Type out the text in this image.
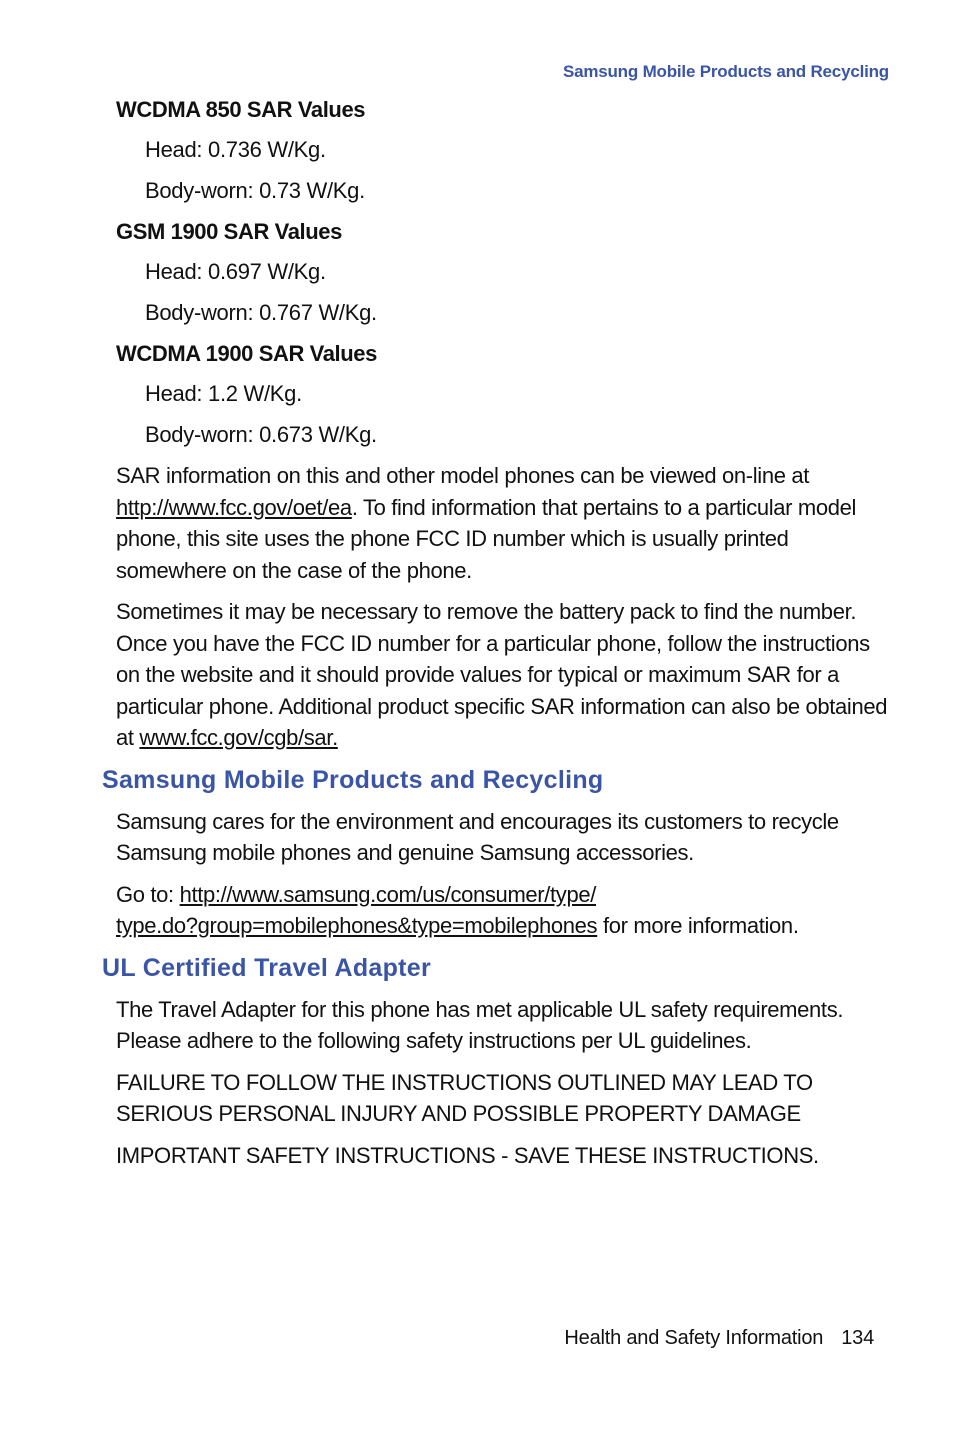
Samsung Mobile Products and Recycling
WCDMA 850 SAR Values
Head: 0.736 W/Kg.
Body-worn: 0.73 W/Kg.
GSM 1900 SAR Values
Head: 0.697 W/Kg.
Body-worn: 0.767 W/Kg.
WCDMA 1900 SAR Values
Head: 1.2 W/Kg.
Body-worn: 0.673 W/Kg.

SAR information on this and other model phones can be viewed on-line at http://www.fcc.gov/oet/ea. To find information that pertains to a particular model phone, this site uses the phone FCC ID number which is usually printed somewhere on the case of the phone.

Sometimes it may be necessary to remove the battery pack to find the number. Once you have the FCC ID number for a particular phone, follow the instructions on the website and it should provide values for typical or maximum SAR for a particular phone. Additional product specific SAR information can also be obtained at www.fcc.gov/cgb/sar.

Samsung Mobile Products and Recycling

Samsung cares for the environment and encourages its customers to recycle Samsung mobile phones and genuine Samsung accessories.

Go to: http://www.samsung.com/us/consumer/type/
type.do?group=mobilephones&type=mobilephones for more information.

UL Certified Travel Adapter

The Travel Adapter for this phone has met applicable UL safety requirements. Please adhere to the following safety instructions per UL guidelines.

FAILURE TO FOLLOW THE INSTRUCTIONS OUTLINED MAY LEAD TO SERIOUS PERSONAL INJURY AND POSSIBLE PROPERTY DAMAGE

IMPORTANT SAFETY INSTRUCTIONS - SAVE THESE INSTRUCTIONS.

Health and Safety Information 134
